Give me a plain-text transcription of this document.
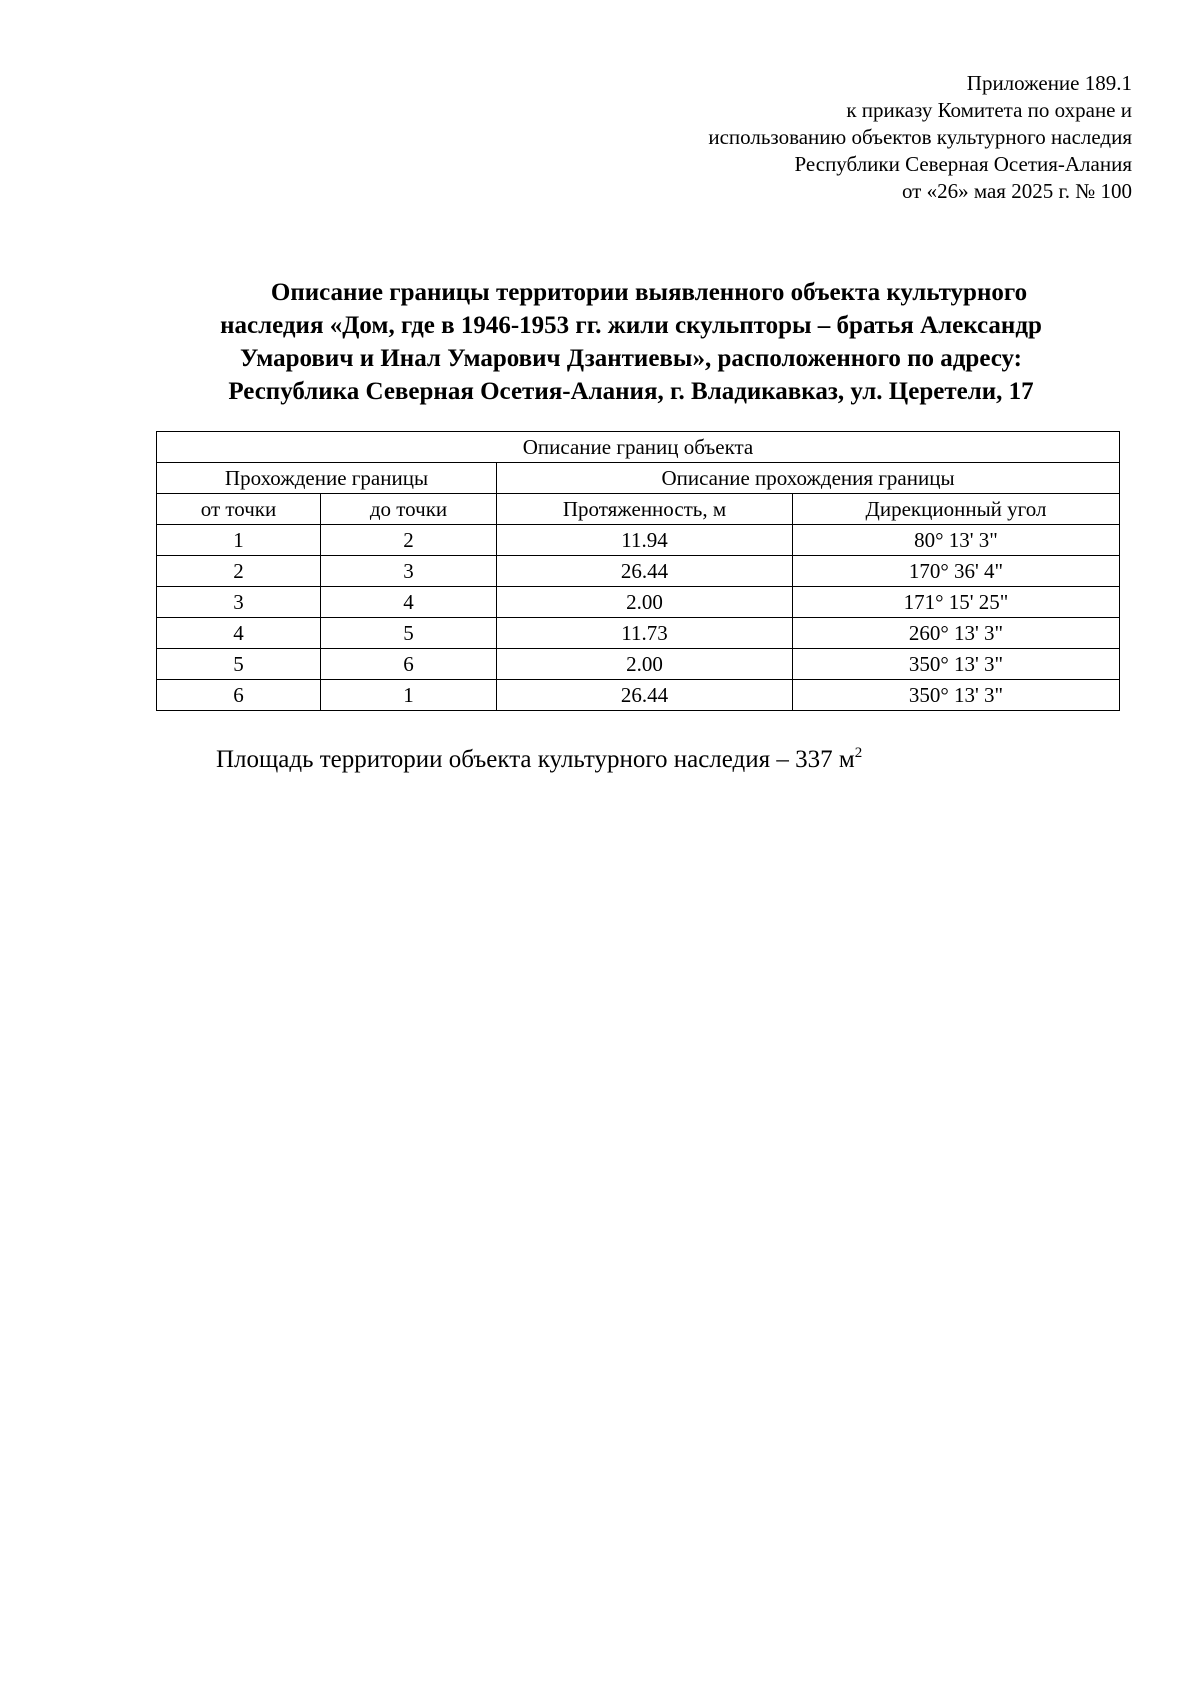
Приложение 189.1
к приказу Комитета по охране и
использованию объектов культурного наследия
Республики Северная Осетия-Алания
от «26» мая 2025 г. № 100
Описание границы территории выявленного объекта культурного
наследия «Дом, где в 1946-1953 гг. жили скульпторы – братья Александр
Умарович и Инал Умарович Дзантиевы», расположенного по адресу:
Республика Северная Осетия-Алания, г. Владикавказ, ул. Церетели, 17
Описание границ объекта			
Прохождение границы		Описание прохождения границы	
от точки	до точки	Протяженность, м	Дирекционный угол
1	2	11.94	80° 13' 3"
2	3	26.44	170° 36' 4"
3	4	2.00	171° 15' 25"
4	5	11.73	260° 13' 3"
5	6	2.00	350° 13' 3"
6	1	26.44	350° 13' 3"
Площадь территории объекта культурного наследия – 337 $м^2$
